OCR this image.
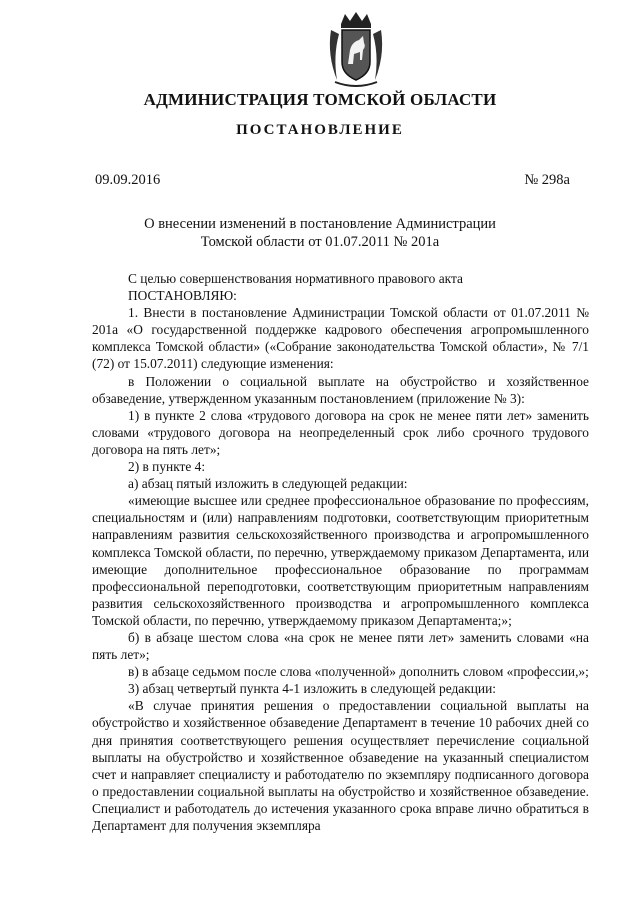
АДМИНИСТРАЦИЯ ТОМСКОЙ ОБЛАСТИ
ПОСТАНОВЛЕНИЕ
09.09.2016	№ 298а
О внесении изменений в постановление Администрации
Томской области от 01.07.2011 № 201а

С целью совершенствования нормативного правового акта

ПОСТАНОВЛЯЮ:

1. Внести в постановление Администрации Томской области от 01.07.2011 № 201а «О государственной поддержке кадрового обеспечения агропромышленного комплекса Томской области» («Собрание законодательства Томской области», № 7/1 (72) от 15.07.2011) следующие изменения:

в Положении о социальной выплате на обустройство и хозяйственное обзаведение, утвержденном указанным постановлением (приложение № 3):

1) в пункте 2 слова «трудового договора на срок не менее пяти лет» заменить словами «трудового договора на неопределенный срок либо срочного трудового договора на пять лет»;

2) в пункте 4:

а) абзац пятый изложить в следующей редакции:

«имеющие высшее или среднее профессиональное образование по профессиям, специальностям и (или) направлениям подготовки, соответствующим приоритетным направлениям развития сельскохозяйственного производства и агропромышленного комплекса Томской области, по перечню, утверждаемому приказом Департамента, или имеющие дополнительное профессиональное образование по программам профессиональной переподготовки, соответствующим приоритетным направлениям развития сельскохозяйственного производства и агропромышленного комплекса Томской области, по перечню, утверждаемому приказом Департамента;»;

б) в абзаце шестом слова «на срок не менее пяти лет» заменить словами «на пять лет»;

в) в абзаце седьмом после слова «полученной» дополнить словом «профессии,»;

3) абзац четвертый пункта 4-1 изложить в следующей редакции:

«В случае принятия решения о предоставлении социальной выплаты на обустройство и хозяйственное обзаведение Департамент в течение 10 рабочих дней со дня принятия соответствующего решения осуществляет перечисление социальной выплаты на обустройство и хозяйственное обзаведение на указанный специалистом счет и направляет специалисту и работодателю по экземпляру подписанного договора о предоставлении социальной выплаты на обустройство и хозяйственное обзаведение. Специалист и работодатель до истечения указанного срока вправе лично обратиться в Департамент для получения экземпляра
